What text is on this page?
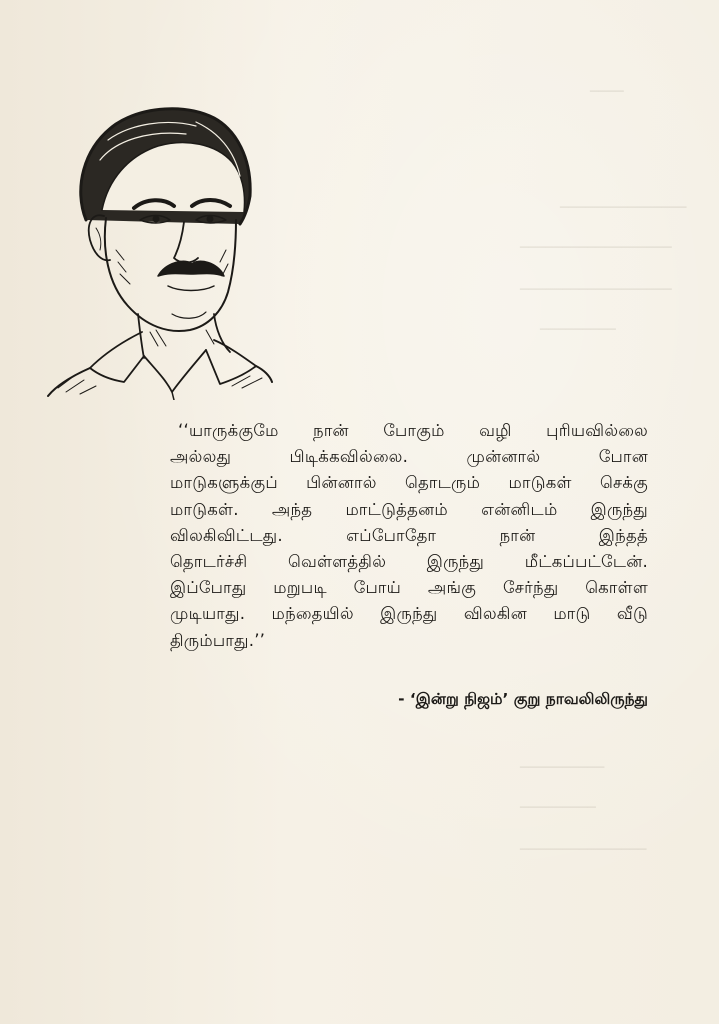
────
───────────────
──────────────────
──────────────────
─────────
──────────
─────────
───────────────
‘‘யாருக்குமே நான் போகும் வழி புரியவில்லை
அல்லது பிடிக்கவில்லை. முன்னால் போன
மாடுகளுக்குப் பின்னால் தொடரும் மாடுகள் செக்கு
மாடுகள். அந்த மாட்டுத்தனம் என்னிடம் இருந்து
விலகிவிட்டது. எப்போதோ நான் இந்தத்
தொடர்ச்சி வெள்ளத்தில் இருந்து மீட்கப்பட்டேன்.
இப்போது மறுபடி போய் அங்கு சேர்ந்து கொள்ள
முடியாது. மந்தையில் இருந்து விலகின மாடு வீடு
திரும்பாது.’’
- ‘இன்று நிஜம்’ குறு நாவலிலிருந்து
